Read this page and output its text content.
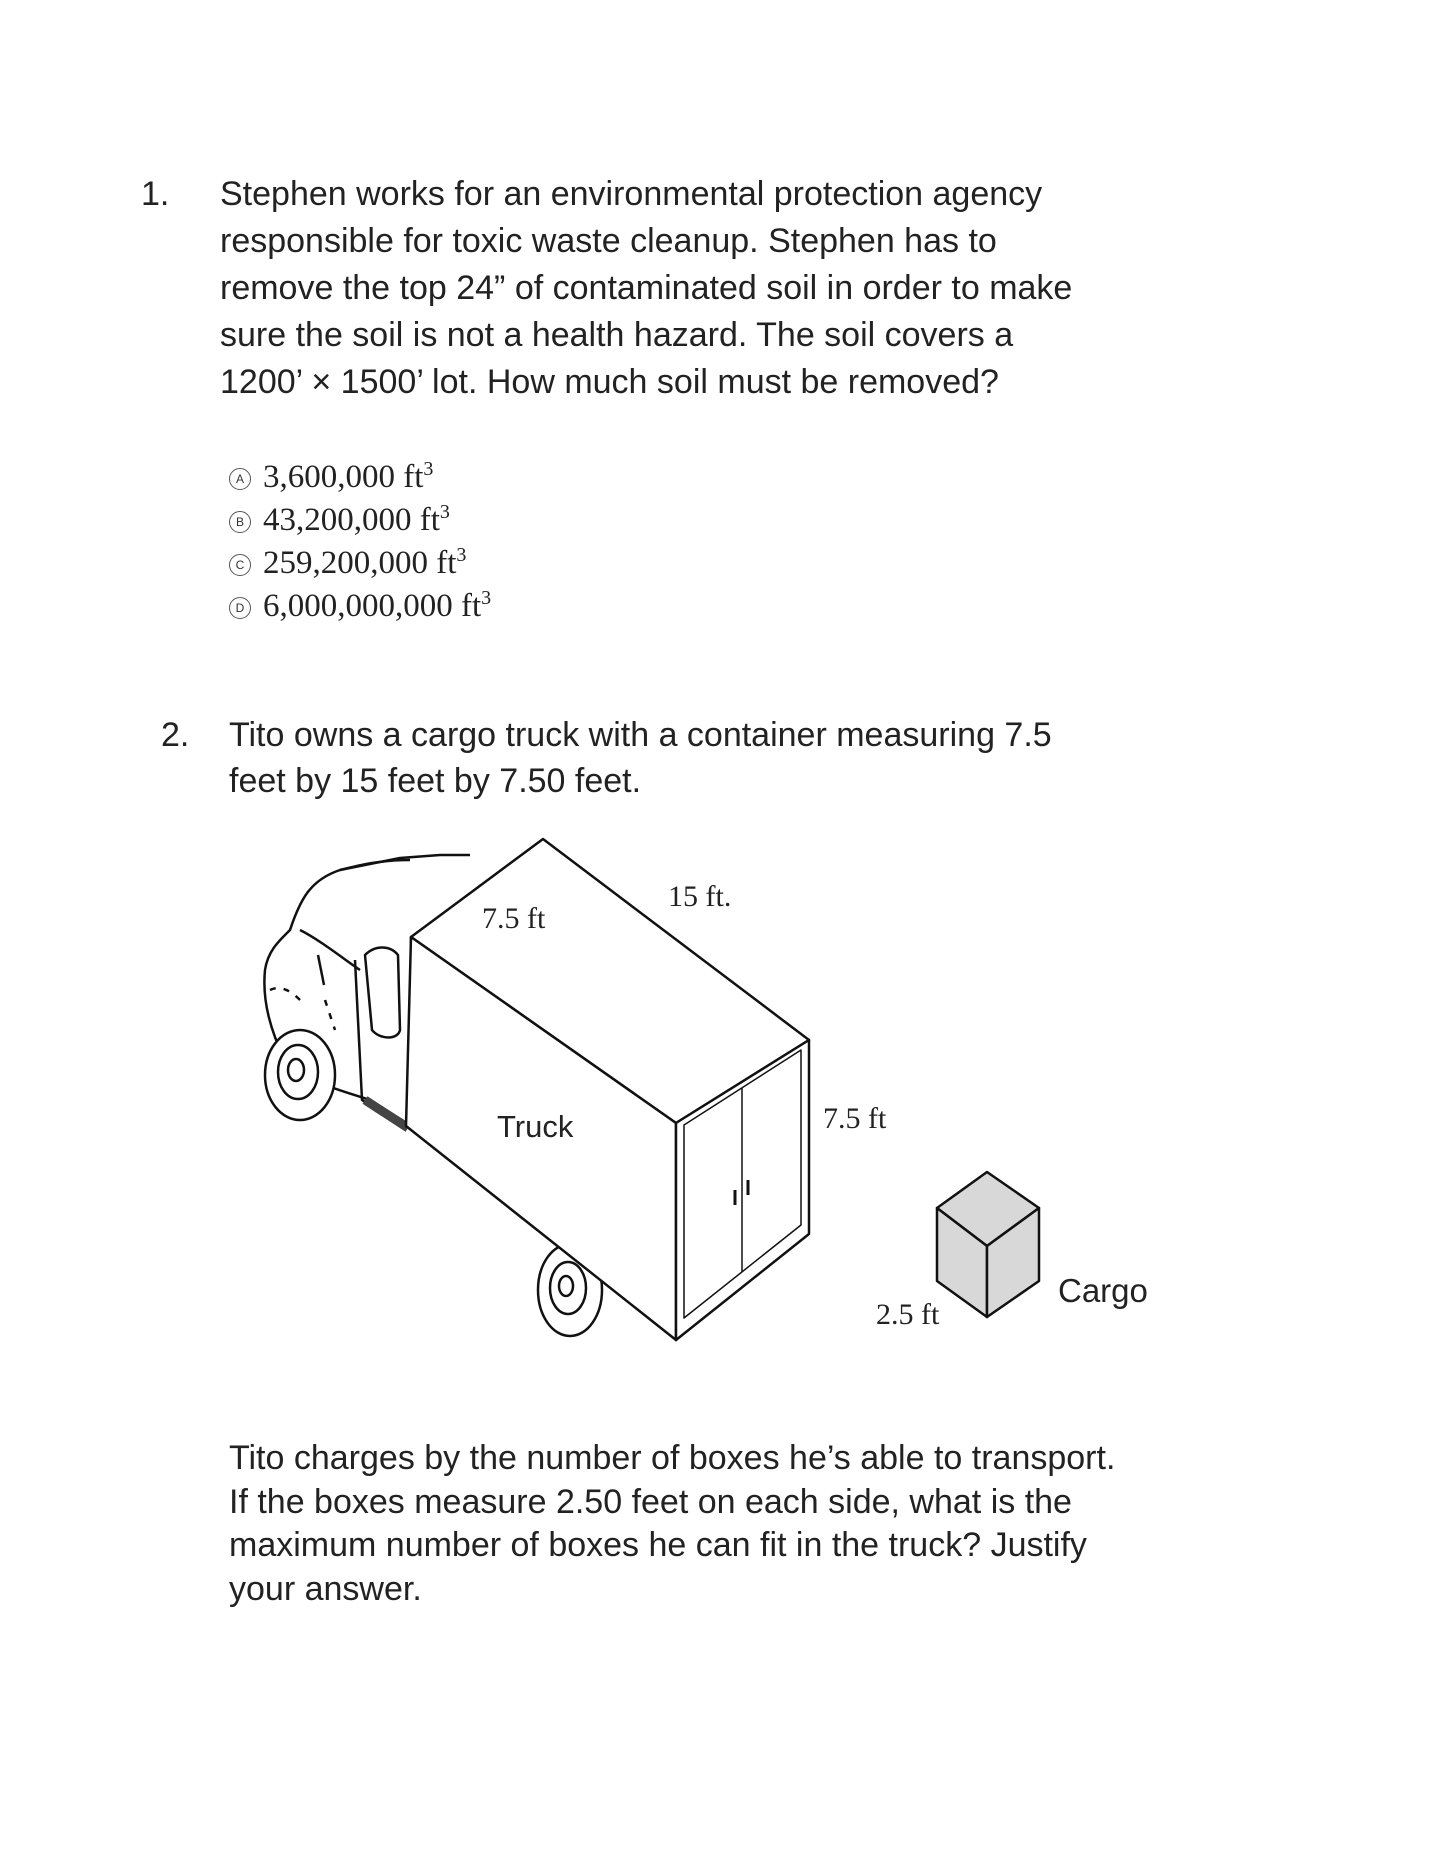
1. Stephen works for an environmental protection agency
responsible for toxic waste cleanup. Stephen has to
remove the top 24” of contaminated soil in order to make
sure the soil is not a health hazard. The soil covers a
1200’ × 1500’ lot. How much soil must be removed?
A 3,600,000 $ft^3$
B 43,200,000 $ft^3$
C 259,200,000 $ft^3$
D 6,000,000,000 $ft^3$
2. Tito owns a cargo truck with a container measuring 7.5
feet by 15 feet by 7.50 feet.
15 ft.
7.5 ft
Truck	7.5 ft
2.5 ft
Cargo
Tito charges by the number of boxes he’s able to transport.
If the boxes measure 2.50 feet on each side, what is the
maximum number of boxes he can fit in the truck? Justify
your answer.
